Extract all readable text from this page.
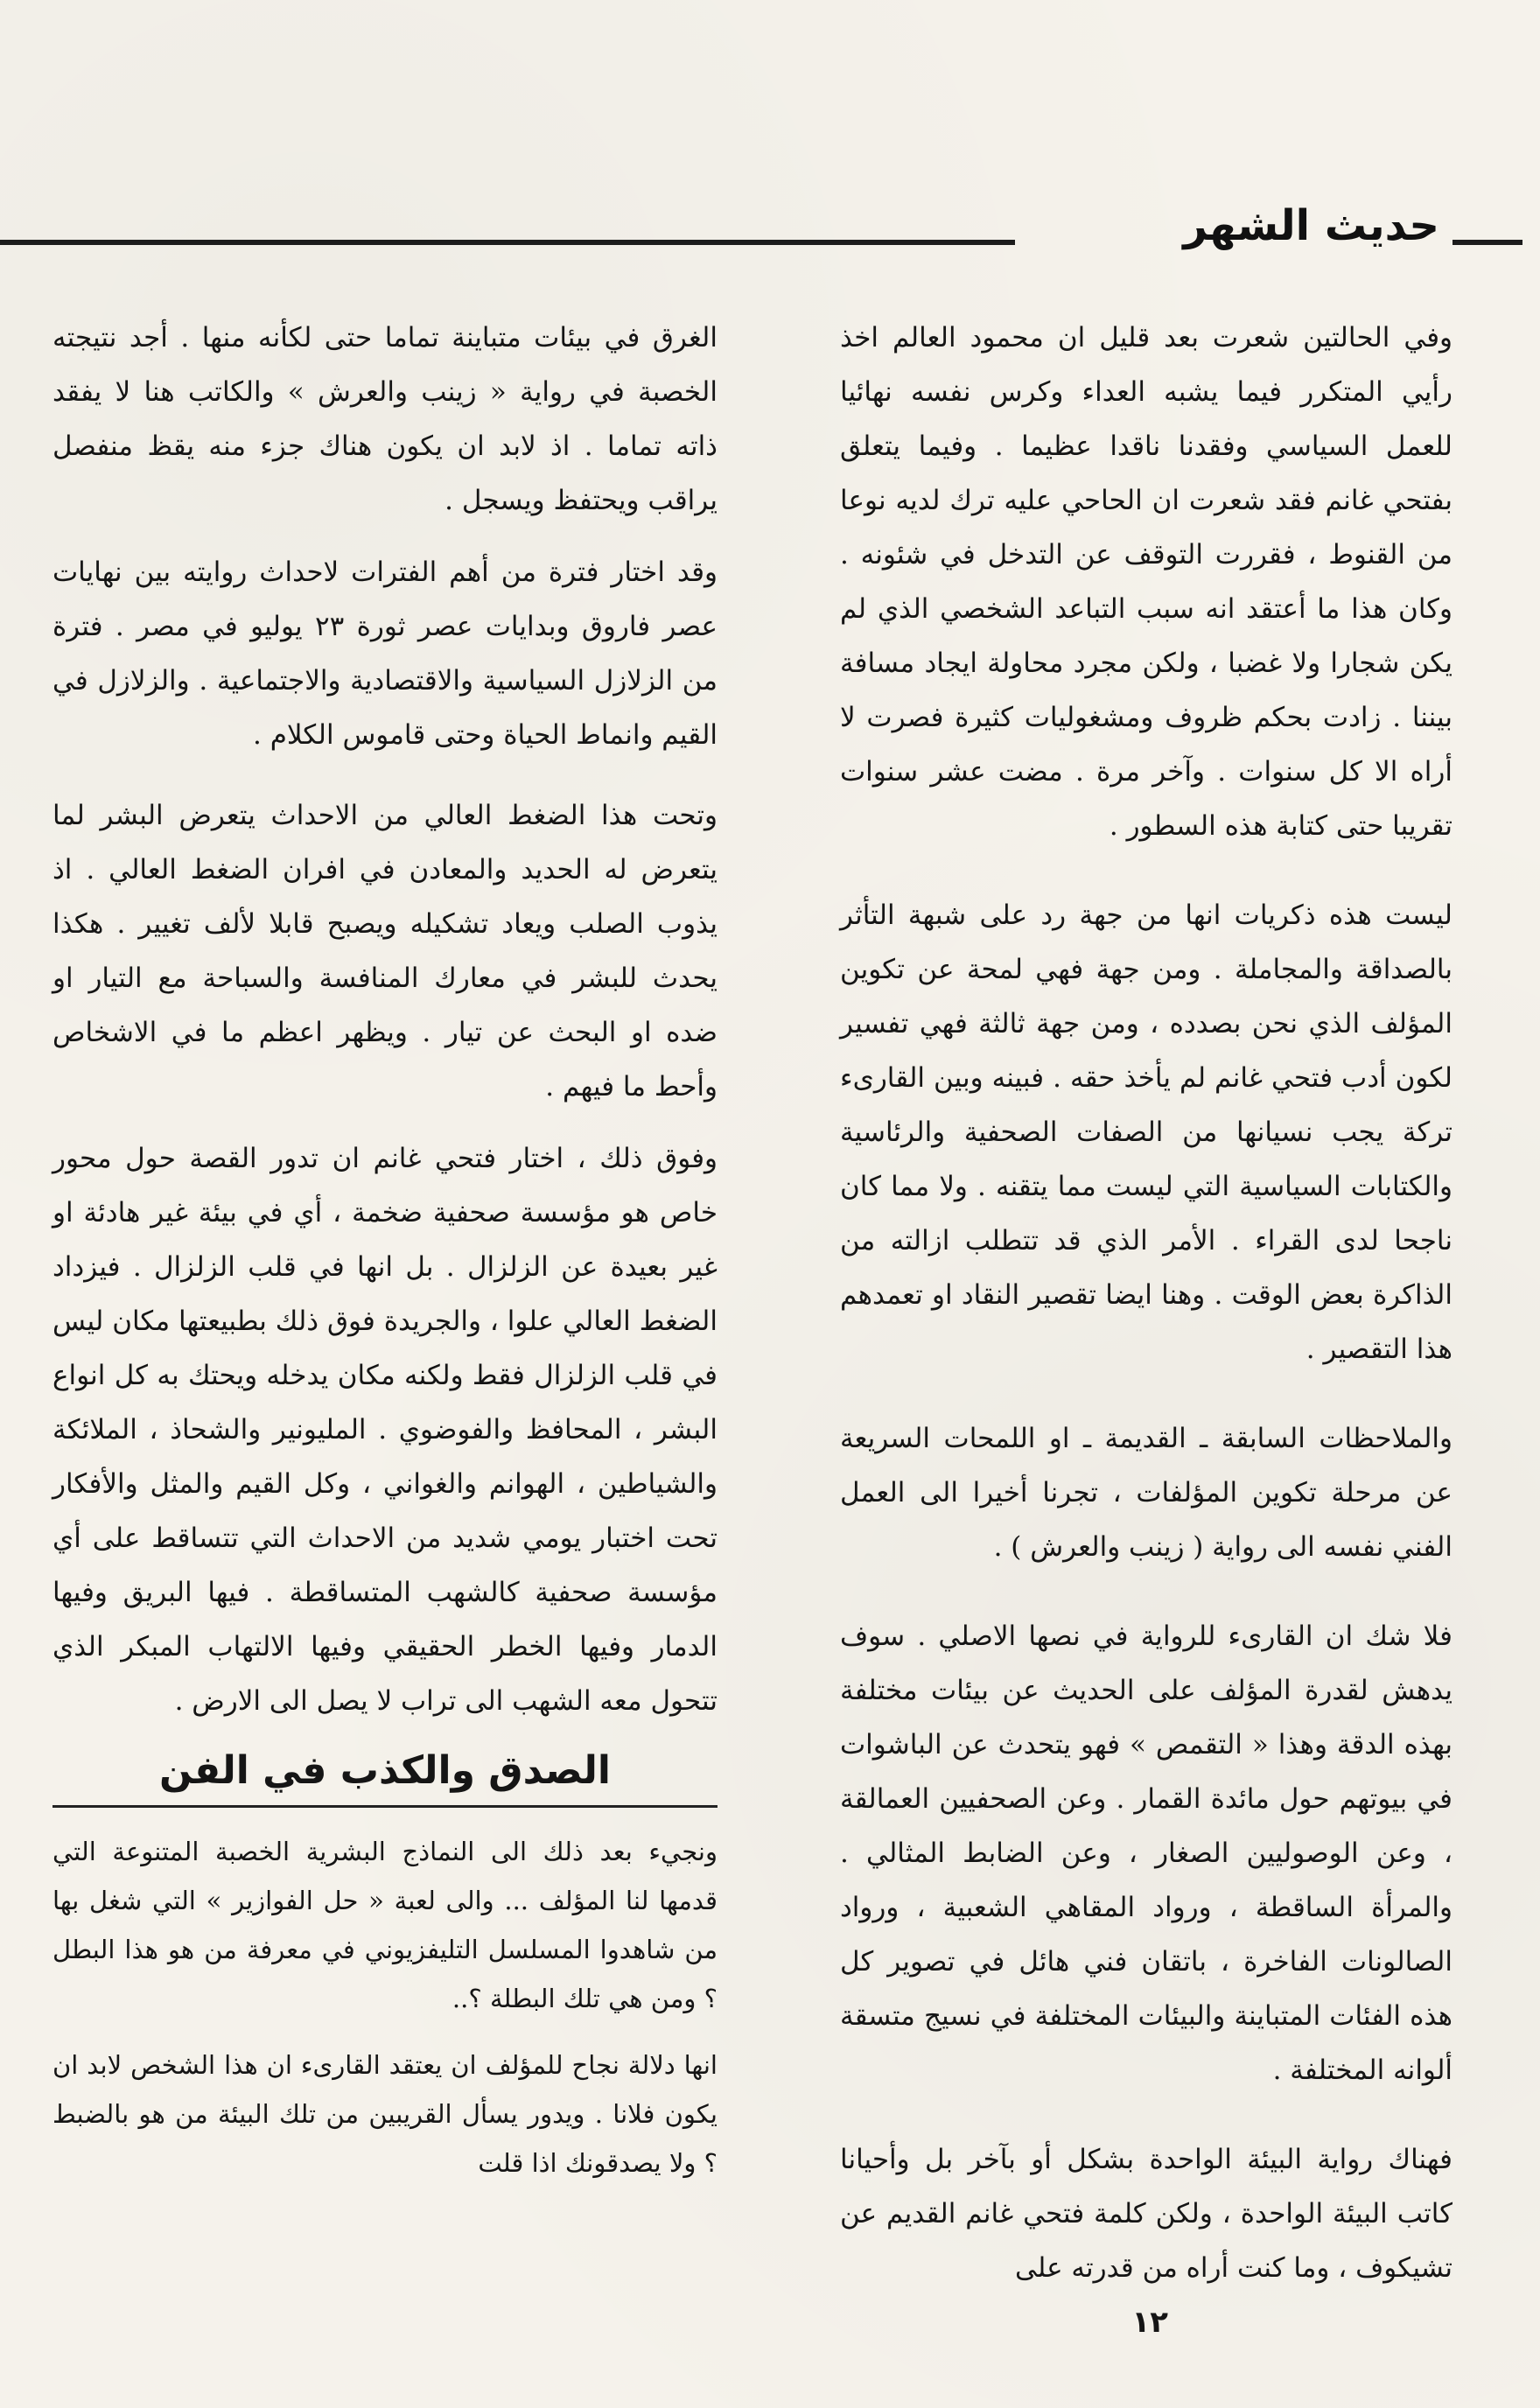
حديث الشهر

وفي الحالتين شعرت بعد قليل ان محمود العالم اخذ رأيي المتكرر فيما يشبه العداء وكرس نفسه نهائيا للعمل السياسي وفقدنا ناقدا عظيما . وفيما يتعلق بفتحي غانم فقد شعرت ان الحاحي عليه ترك لديه نوعا من القنوط ، فقررت التوقف عن التدخل في شئونه . وكان هذا ما أعتقد انه سبب التباعد الشخصي الذي لم يكن شجارا ولا غضبا ، ولكن مجرد محاولة ايجاد مسافة بيننا . زادت بحكم ظروف ومشغوليات كثيرة فصرت لا أراه الا كل سنوات . وآخر مرة . مضت عشر سنوات تقريبا حتى كتابة هذه السطور .

ليست هذه ذكريات انها من جهة رد على شبهة التأثر بالصداقة والمجاملة . ومن جهة فهي لمحة عن تكوين المؤلف الذي نحن بصدده ، ومن جهة ثالثة فهي تفسير لكون أدب فتحي غانم لم يأخذ حقه . فبينه وبين القارىء تركة يجب نسيانها من الصفات الصحفية والرئاسية والكتابات السياسية التي ليست مما يتقنه . ولا مما كان ناجحا لدى القراء . الأمر الذي قد تتطلب ازالته من الذاكرة بعض الوقت . وهنا ايضا تقصير النقاد او تعمدهم هذا التقصير .

والملاحظات السابقة ـ القديمة ـ او اللمحات السريعة عن مرحلة تكوين المؤلفات ، تجرنا أخيرا الى العمل الفني نفسه الى رواية ( زينب والعرش ) .

فلا شك ان القارىء للرواية في نصها الاصلي . سوف يدهش لقدرة المؤلف على الحديث عن بيئات مختلفة بهذه الدقة وهذا « التقمص » فهو يتحدث عن الباشوات في بيوتهم حول مائدة القمار . وعن الصحفيين العمالقة ، وعن الوصوليين الصغار ، وعن الضابط المثالي . والمرأة الساقطة ، ورواد المقاهي الشعبية ، ورواد الصالونات الفاخرة ، باتقان فني هائل في تصوير كل هذه الفئات المتباينة والبيئات المختلفة في نسيج متسقة ألوانه المختلفة .

فهناك رواية البيئة الواحدة بشكل أو بآخر بل وأحيانا كاتب البيئة الواحدة ، ولكن كلمة فتحي غانم القديم عن تشيكوف ، وما كنت أراه من قدرته على

الغرق في بيئات متباينة تماما حتى لكأنه منها . أجد نتيجته الخصبة في رواية « زينب والعرش » والكاتب هنا لا يفقد ذاته تماما . اذ لابد ان يكون هناك جزء منه يقظ منفصل يراقب ويحتفظ ويسجل .

وقد اختار فترة من أهم الفترات لاحداث روايته بين نهايات عصر فاروق وبدايات عصر ثورة ٢٣ يوليو في مصر . فترة من الزلازل السياسية والاقتصادية والاجتماعية . والزلازل في القيم وانماط الحياة وحتى قاموس الكلام .

وتحت هذا الضغط العالي من الاحداث يتعرض البشر لما يتعرض له الحديد والمعادن في افران الضغط العالي . اذ يذوب الصلب ويعاد تشكيله ويصبح قابلا لألف تغيير . هكذا يحدث للبشر في معارك المنافسة والسباحة مع التيار او ضده او البحث عن تيار . ويظهر اعظم ما في الاشخاص وأحط ما فيهم .

وفوق ذلك ، اختار فتحي غانم ان تدور القصة حول محور خاص هو مؤسسة صحفية ضخمة ، أي في بيئة غير هادئة او غير بعيدة عن الزلزال . بل انها في قلب الزلزال . فيزداد الضغط العالي علوا ، والجريدة فوق ذلك بطبيعتها مكان ليس في قلب الزلزال فقط ولكنه مكان يدخله ويحتك به كل انواع البشر ، المحافظ والفوضوي . المليونير والشحاذ ، الملائكة والشياطين ، الهوانم والغواني ، وكل القيم والمثل والأفكار تحت اختبار يومي شديد من الاحداث التي تتساقط على أي مؤسسة صحفية كالشهب المتساقطة . فيها البريق وفيها الدمار وفيها الخطر الحقيقي وفيها الالتهاب المبكر الذي تتحول معه الشهب الى تراب لا يصل الى الارض .

الصدق والكذب في الفن

ونجيء بعد ذلك الى النماذج البشرية الخصبة المتنوعة التي قدمها لنا المؤلف ... والى لعبة « حل الفوازير » التي شغل بها من شاهدوا المسلسل التليفزيوني في معرفة من هو هذا البطل ؟ ومن هي تلك البطلة ؟..

انها دلالة نجاح للمؤلف ان يعتقد القارىء ان هذا الشخص لابد ان يكون فلانا . ويدور يسأل القريبين من تلك البيئة من هو بالضبط ؟ ولا يصدقونك اذا قلت

١٢
